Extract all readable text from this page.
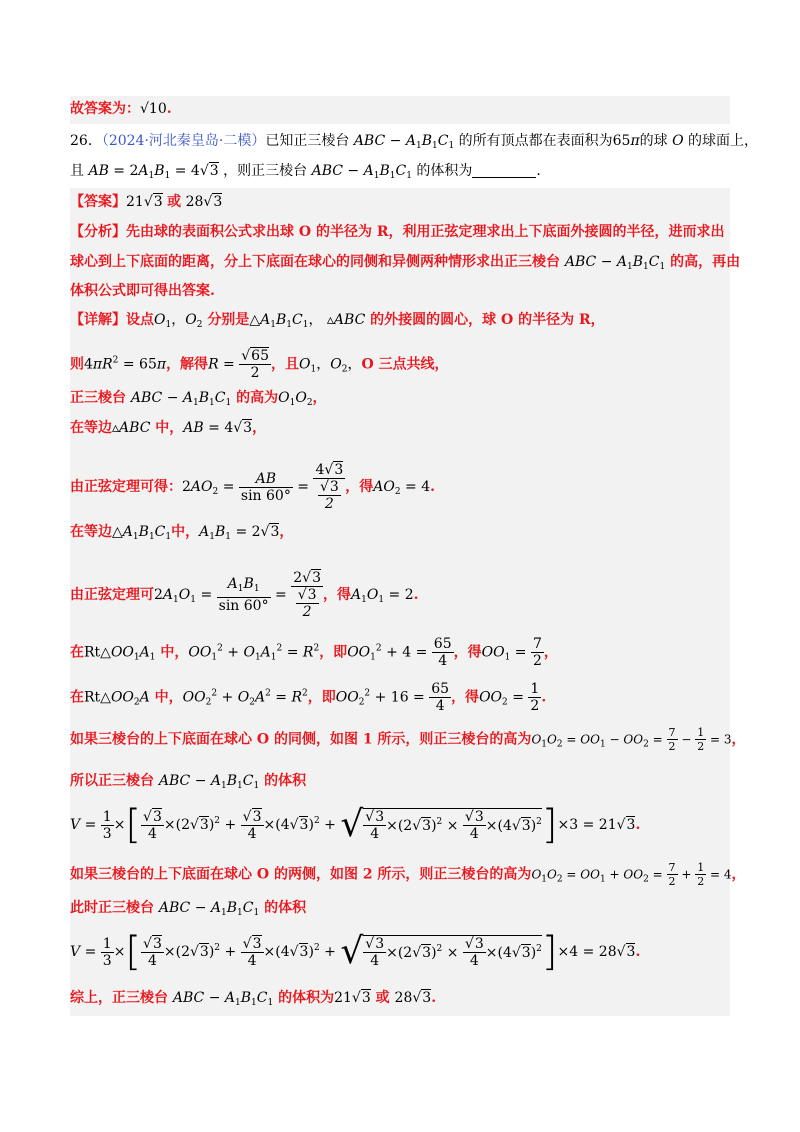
故答案为：√10.
26．（2024·河北秦皇岛·二模）已知正三棱台 ABC − $A_1B_1C_1$ 的所有顶点都在表面积为65π的球 O 的球面上，
且 AB = $2A_1B_1 = 4√3$ ，则正三棱台 ABC − $A_1B_1C_1$ 的体积为	.
【答案】21√3 或 28√3
【分析】先由球的表面积公式求出球 O 的半径为 R，利用正弦定理求出上下底面外接圆的半径，进而求出
球心到上下底面的距离，分上下底面在球心的同侧和异侧两种情形求出正三棱台 ABC − $A_1B_1C_1$ 的高，再由
体积公式即可得出答案.
【详解】设点$O_1$，$O_2$ 分别是$\triangle A_1B_1C_1$， ▵ABC 的外接圆的圆心，球 O 的半径为 R，
则$4\pi R^2 = 65\pi$，解得$R = \frac{√65}{2}$ ，且$O_1$，$O_2$，O 三点共线，
正三棱台 ABC − $A_1B_1C_1$ 的高为$O_1O_2$，
在等边▵ABC 中，AB = 4√3，
由正弦定理可得：$2AO_2 = \frac{AB}{\sin 60^\circ} = \frac{4√3}{\frac{√3}{2}}$ ，得$AO_2 = 4$.
在等边$\triangle A_1B_1C_1$中，$A_1B_1 = 2√3$，
由正弦定理可$2A_1O_1 = \frac{A_1B_1}{\sin 60^\circ} = \frac{2√3}{\frac{√3}{2}}$ ，得$A_1O_1 = 2$.
在$Rt\triangle OO_1A_1$ 中，$OO_1^2 + O_1A_1^2 = R^2$，即$OO_1^2 + 4 = \frac{65}{4}$ ，得$OO_1 = \frac{7}{2}$ ，
在$Rt\triangle OO_2A$ 中，$OO_2^2 + O_2A^2 = R^2$，即$OO_2^2 + 16 = \frac{65}{4}$ ，得$OO_2 = \frac{1}{2}$ .
如果三棱台的上下底面在球心 O 的同侧，如图 1 所示，则正三棱台的高为$O_1O_2 = OO_1 - OO_2 = \frac{7}{2} - \frac{1}{2} = 3$，
所以正三棱台 ABC − $A_1B_1C_1$ 的体积
$V = \frac{1}{3}$ ×[ $\frac{√3}{4} \times(2√3)^2 + \frac{√3}{4} \times(4√3)^2$ + √ $\frac{√3}{4} \times(2√3)^2 \times \frac{√3}{4} \times(4√3)^2]\times 3 = 21√3$.
如果三棱台的上下底面在球心 O 的两侧，如图 2 所示，则正三棱台的高为$O_1O_2 = OO_1 + OO_2 = \frac{7}{2} + \frac{1}{2} = 4$，
此时正三棱台 ABC − $A_1B_1C_1$ 的体积
$V = \frac{1}{3}$ ×[ $\frac{√3}{4} \times(2√3)^2 + \frac{√3}{4} \times(4√3)^2$ + √ $\frac{√3}{4} \times(2√3)^2 \times \frac{√3}{4} \times(4√3)^2]\times 4 = 28√3$.
综上，正三棱台 ABC − $A_1B_1C_1$ 的体积为21√3 或 28√3.
